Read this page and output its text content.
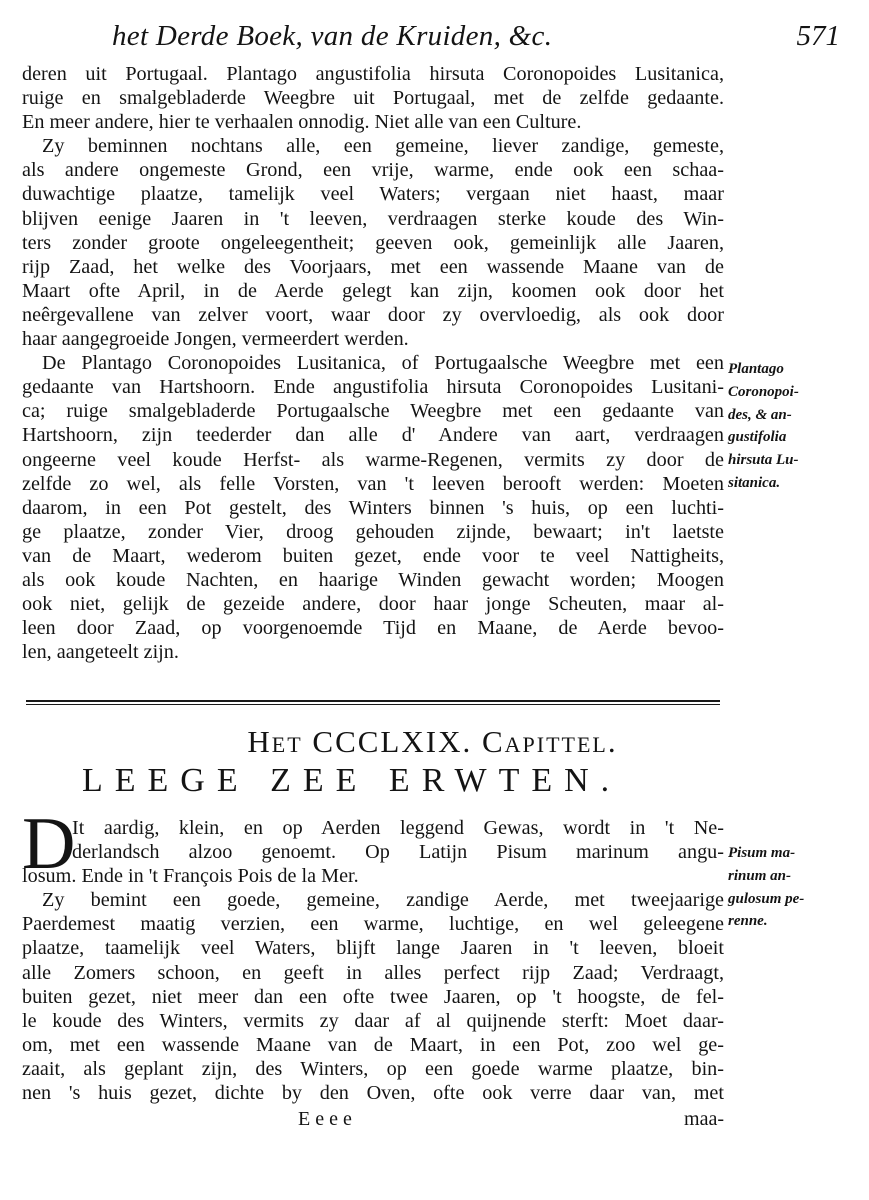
het Derde Boek, van de Kruiden, &c.	571
deren uit Portugaal. Plantago angustifolia hirsuta Coronopoides Lusitanica,
ruige en smalgebladerde Weegbre uit Portugaal, met de zelfde gedaante.
En meer andere, hier te verhaalen onnodig. Niet alle van een Culture.
Zy beminnen nochtans alle, een gemeine, liever zandige, gemeste,
als andere ongemeste Grond, een vrije, warme, ende ook een schaa-
duwachtige plaatze, tamelijk veel Waters; vergaan niet haast, maar
blijven eenige Jaaren in 't leeven, verdraagen sterke koude des Win-
ters zonder groote ongeleegentheit; geeven ook, gemeinlijk alle Jaaren,
rijp Zaad, het welke des Voorjaars, met een wassende Maane van de
Maart ofte April, in de Aerde gelegt kan zijn, koomen ook door het
neêrgevallene van zelver voort, waar door zy overvloedig, als ook door
haar aangegroeide Jongen, vermeerdert werden.
De Plantago Coronopoides Lusitanica, of Portugaalsche Weegbre met een
gedaante van Hartshoorn. Ende angustifolia hirsuta Coronopoides Lusitani-
ca; ruige smalgebladerde Portugaalsche Weegbre met een gedaante van
Hartshoorn, zijn teederder dan alle d' Andere van aart, verdraagen
ongeerne veel koude Herfst- als warme-Regenen, vermits zy door de
zelfde zo wel, als felle Vorsten, van 't leeven berooft werden: Moeten
daarom, in een Pot gestelt, des Winters binnen 's huis, op een luchti-
ge plaatze, zonder Vier, droog gehouden zijnde, bewaart; in't laetste
van de Maart, wederom buiten gezet, ende voor te veel Nattigheits,
als ook koude Nachten, en haarige Winden gewacht worden; Moogen
ook niet, gelijk de gezeide andere, door haar jonge Scheuten, maar al-
leen door Zaad, op voorgenoemde Tijd en Maane, de Aerde bevoo-
len, aangeteelt zijn.
Plantago
Coronopoi-
des, & an-
gustifolia
hirsuta Lu-
sitanica.
Het CCCLXIX. Capittel.
LEEGE ZEE ERWTEN.
D
It aardig, klein, en op Aerden leggend Gewas, wordt in 't Ne-
derlandsch alzoo genoemt. Op Latijn Pisum marinum angu-
losum. Ende in 't François Pois de la Mer.
Zy bemint een goede, gemeine, zandige Aerde, met tweejaarige
Paerdemest maatig verzien, een warme, luchtige, en wel geleegene
plaatze, taamelijk veel Waters, blijft lange Jaaren in 't leeven, bloeit
alle Zomers schoon, en geeft in alles perfect rijp Zaad; Verdraagt,
buiten gezet, niet meer dan een ofte twee Jaaren, op 't hoogste, de fel-
le koude des Winters, vermits zy daar af al quijnende sterft: Moet daar-
om, met een wassende Maane van de Maart, in een Pot, zoo wel ge-
zaait, als geplant zijn, des Winters, op een goede warme plaatze, bin-
nen 's huis gezet, dichte by den Oven, ofte ook verre daar van, met
Pisum ma-
rinum an-
gulosum pe-
renne.
Eeee	maa-
